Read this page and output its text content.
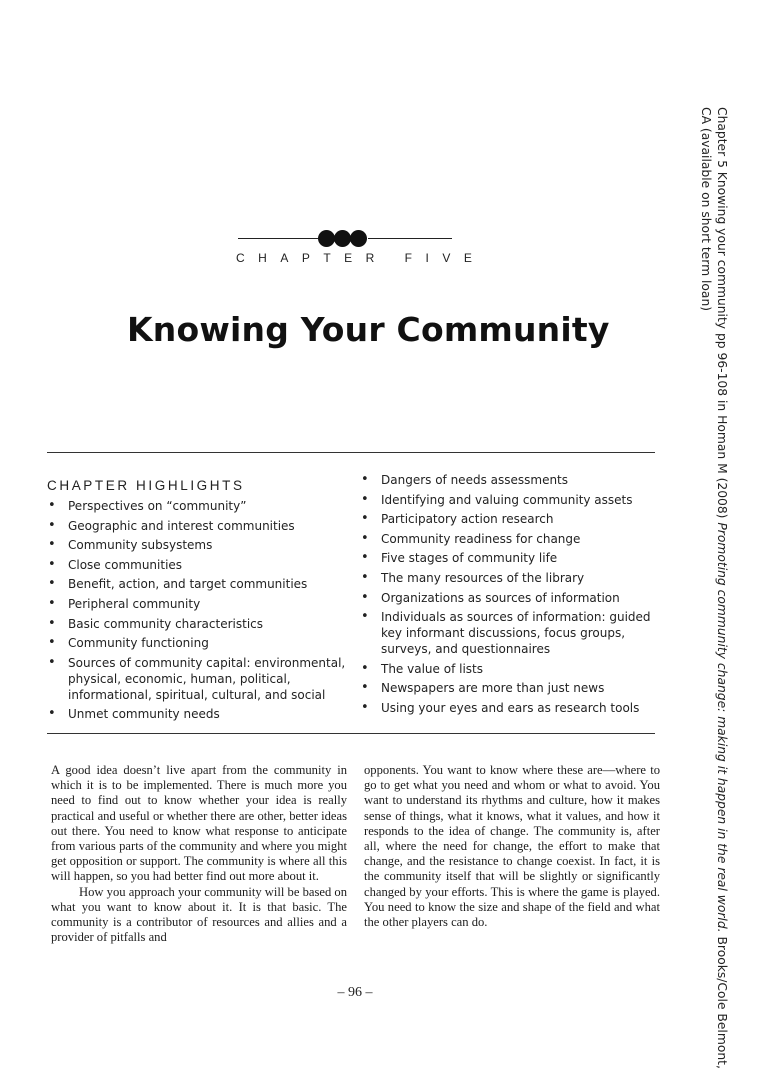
CHAPTER FIVE
Knowing Your Community
CHAPTER HIGHLIGHTS
• Perspectives on “community”
• Geographic and interest communities
• Community subsystems
• Close communities
• Benefit, action, and target communities
• Peripheral community
• Basic community characteristics
• Community functioning
• Sources of community capital: environmental, physical, economic, human, political, informational, spiritual, cultural, and social
• Unmet community needs
• Dangers of needs assessments
• Identifying and valuing community assets
• Participatory action research
• Community readiness for change
• Five stages of community life
• The many resources of the library
• Organizations as sources of information
• Individuals as sources of information: guided key informant discussions, focus groups, surveys, and questionnaires
• The value of lists
• Newspapers are more than just news
• Using your eyes and ears as research tools

A good idea doesn’t live apart from the community in which it is to be implemented. There is much more you need to find out to know whether your idea is really practical and useful or whether there are other, better ideas out there. You need to know what response to anticipate from various parts of the community and where you might get opposition or support. The community is where all this will happen, so you had better find out more about it.

How you approach your community will be based on what you want to know about it. It is that basic. The community is a contributor of resources and allies and a provider of pitfalls and

opponents. You want to know where these are—where to go to get what you need and whom or what to avoid. You want to understand its rhythms and culture, how it makes sense of things, what it knows, what it values, and how it responds to the idea of change. The community is, after all, where the need for change, the effort to make that change, and the resistance to change coexist. In fact, it is the community itself that will be slightly or significantly changed by your efforts. This is where the game is played. You need to know the size and shape of the field and what the other players can do.

– 96 –
Chapter 5 Knowing your community pp 96-108 in Homan M (2008) Promoting community change: making it happen in the real world. Brooks/Cole Belmont,
CA (available on short term loan)
